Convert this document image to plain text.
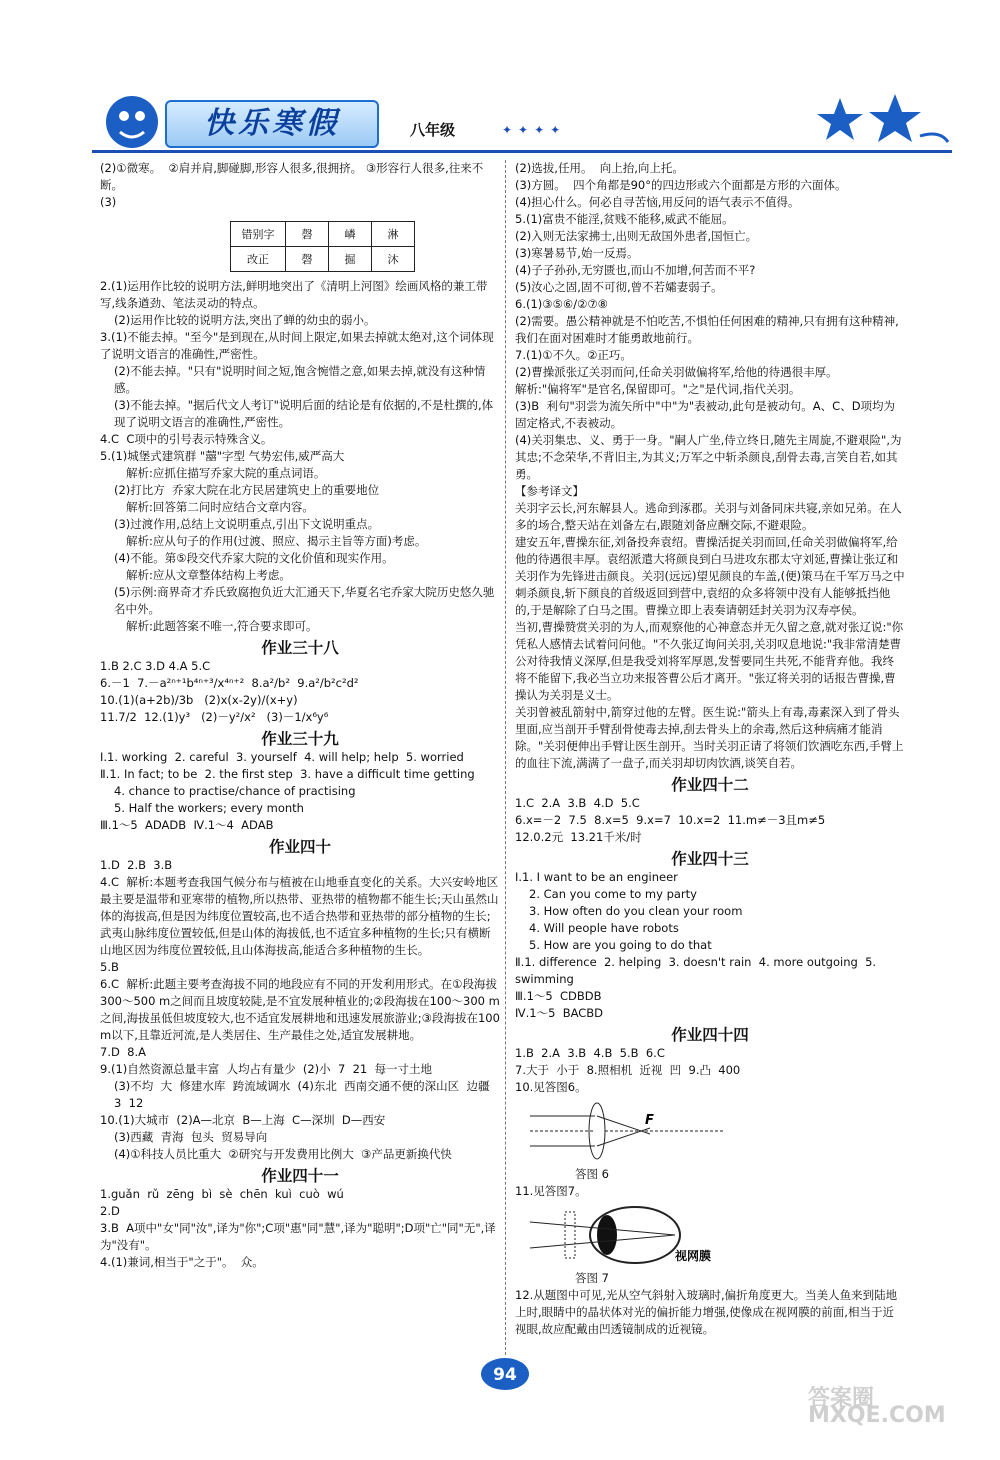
快乐寒假	八年级	✦✦✦✦
(2)①微寒。  ②肩并肩,脚碰脚,形容人很多,很拥挤。 ③形容行人很多,往来不断。
(3)
错别字	磬	嶙	淋
改正	磬	掘	沐
2.(1)运用作比较的说明方法,鲜明地突出了《清明上河图》绘画风格的兼工带写,线条遒劲、笔法灵动的特点。
(2)运用作比较的说明方法,突出了蝉的幼虫的弱小。
3.(1)不能去掉。"至今"是到现在,从时间上限定,如果去掉就太绝对,这个词体现了说明文语言的准确性,严密性。
(2)不能去掉。"只有"说明时间之短,饱含惋惜之意,如果去掉,就没有这种情感。
(3)不能去掉。"据后代文人考订"说明后面的结论是有依据的,不是杜撰的,体现了说明文语言的准确性,严密性。
4.C  C项中的引号表示特殊含义。
5.(1)城堡式建筑群 "囍"字型 气势宏伟,威严高大
解析:应抓住描写乔家大院的重点词语。
(2)打比方  乔家大院在北方民居建筑史上的重要地位
解析:回答第二问时应结合文章内容。
(3)过渡作用,总结上文说明重点,引出下文说明重点。
解析:应从句子的作用(过渡、照应、揭示主旨等方面)考虑。
(4)不能。第⑤段交代乔家大院的文化价值和现实作用。
解析:应从文章整体结构上考虑。
(5)示例:商界奇才乔氏致腐抱负近大汇通天下,华夏名宅乔家大院历史悠久驰名中外。
解析:此题答案不唯一,符合要求即可。
作业三十八
1.B 2.C 3.D 4.A 5.C
6.－1  7.－a²ⁿ⁺¹b⁴ⁿ⁺³/x⁴ⁿ⁺²  8.a²/b²  9.a²/b²c²d²
10.(1)(a+2b)/3b   (2)x(x-2y)/(x+y)
11.7/2  12.(1)y³   (2)－y²/x²   (3)－1/x⁶y⁶
作业三十九
Ⅰ.1. working  2. careful  3. yourself  4. will help; help  5. worried
Ⅱ.1. In fact; to be  2. the first step  3. have a difficult time getting
4. chance to practise/chance of practising
5. Half the workers; every month
Ⅲ.1～5  ADADB  Ⅳ.1～4  ADAB
作业四十
1.D  2.B  3.B
4.C  解析:本题考查我国气候分布与植被在山地垂直变化的关系。大兴安岭地区最主要是温带和亚寒带的植物,所以热带、亚热带的植物都不能生长;天山虽然山体的海拔高,但是因为纬度位置较高,也不适合热带和亚热带的部分植物的生长;武夷山脉纬度位置较低,但是山体的海拔低,也不适宜多种植物的生长;只有横断山地区因为纬度位置较低,且山体海拔高,能适合多种植物的生长。
5.B
6.C  解析:此题主要考查海拔不同的地段应有不同的开发利用形式。在①段海拔300～500 m之间而且坡度较陡,是不宜发展种植业的;②段海拔在100～300 m之间,海拔虽低但坡度较大,也不适宜发展耕地和迅速发展旅游业;③段海拔在100 m以下,且靠近河流,是人类居住、生产最佳之处,适宜发展耕地。
7.D  8.A
9.(1)自然资源总量丰富  人均占有量少  (2)小  7  21  每一寸土地
(3)不均  大  修建水库  跨流域调水  (4)东北  西南交通不便的深山区  边疆  3  12
10.(1)大城市  (2)A—北京  B—上海  C—深圳  D—西安
(3)西藏  青海  包头  贸易导向
(4)①科技人员比重大  ②研究与开发费用比例大  ③产品更新换代快
作业四十一
1.guǎn  rǔ  zēng  bì  sè  chēn  kuì  cuò  wú
2.D
3.B  A项中"女"同"汝",译为"你";C项"惠"同"慧",译为"聪明";D项"亡"同"无",译为"没有"。
4.(1)兼词,相当于"之于"。  众。
(2)选拔,任用。  向上抬,向上托。
(3)方圆。  四个角都是90°的四边形或六个面都是方形的六面体。
(4)担心什么。何必自寻苦恼,用反问的语气表示不值得。
5.(1)富贵不能淫,贫贱不能移,威武不能屈。
(2)入则无法家拂士,出则无敌国外患者,国恒亡。
(3)寒暑易节,始一反焉。
(4)子子孙孙,无穷匮也,而山不加增,何苦而不平?
(5)汝心之固,固不可彻,曾不若孀妻弱子。
6.(1)③⑤⑥/②⑦⑧
(2)需要。愚公精神就是不怕吃苦,不惧怕任何困难的精神,只有拥有这种精神,我们在面对困难时才能勇敢地前行。
7.(1)①不久。②正巧。
(2)曹操派张辽关羽而问,任命关羽做偏将军,给他的待遇很丰厚。
解析:"偏将军"是官名,保留即可。"之"是代词,指代关羽。
(3)B  利句"羽尝为流矢所中"中"为"表被动,此句是被动句。A、C、D项均为固定格式,不表被动。
(4)关羽集忠、义、勇于一身。"嗣人广坐,侍立终日,随先主周旋,不避艰险",为其忠;不念荣华,不背旧主,为其义;万军之中斩杀颜良,刮骨去毒,言笑自若,如其勇。
【参考译文】
关羽字云长,河东解县人。逃命到涿郡。关羽与刘备同床共寝,亲如兄弟。在人多的场合,整天站在刘备左右,跟随刘备应酬交际,不避艰险。
建安五年,曹操东征,刘备投奔袁绍。曹操活捉关羽而回,任命关羽做偏将军,给他的待遇很丰厚。袁绍派遣大将颜良到白马进攻东郡太守刘延,曹操让张辽和关羽作为先锋进击颜良。关羽(远远)望见颜良的车盖,(便)策马在千军万马之中刺杀颜良,斩下颜良的首级返回到营中,袁绍的众多将领中没有人能够抵挡他的,于是解除了白马之围。曹操立即上表奏请朝廷封关羽为汉寿亭侯。
当初,曹操赞赏关羽的为人,而观察他的心神意态并无久留之意,就对张辽说:"你凭私人感情去试着问问他。"不久张辽询问关羽,关羽叹息地说:"我非常清楚曹公对待我情义深厚,但是我受刘将军厚恩,发誓要同生共死,不能背弃他。我终将不能留下,我必当立功来报答曹公后才离开。"张辽将关羽的话报告曹操,曹操认为关羽是义士。
关羽曾被乱箭射中,箭穿过他的左臂。医生说:"箭头上有毒,毒素深入到了骨头里面,应当剖开手臂刮骨使毒去掉,刮去骨头上的余毒,然后这种病痛才能消除。"关羽便伸出手臂让医生剖开。当时关羽正请了将领们饮酒吃东西,手臂上的血往下流,满满了一盘子,而关羽却切肉饮酒,谈笑自若。
作业四十二
1.C  2.A  3.B  4.D  5.C
6.x=－2  7.5  8.x=5  9.x=7  10.x=2  11.m≠－3且m≠5
12.0.2元  13.21千米/时
作业四十三
Ⅰ.1. I want to be an engineer
2. Can you come to my party
3. How often do you clean your room
4. Will people have robots
5. How are you going to do that
Ⅱ.1. difference  2. helping  3. doesn't rain  4. more outgoing  5. swimming
Ⅲ.1～5  CDBDB
Ⅳ.1～5  BACBD
作业四十四
1.B  2.A  3.B  4.B  5.B  6.C
7.大于  小于  8.照相机  近视  凹  9.凸  400
10.见答图6。
F
答图 6
11.见答图7。
视网膜
答图 7
12.从题图中可见,光从空气斜射入玻璃时,偏折角度更大。当美人鱼来到陆地上时,眼睛中的晶状体对光的偏折能力增强,使像成在视网膜的前面,相当于近视眼,故应配戴由凹透镜制成的近视镜。
94
答案圈 MXQE.COM
